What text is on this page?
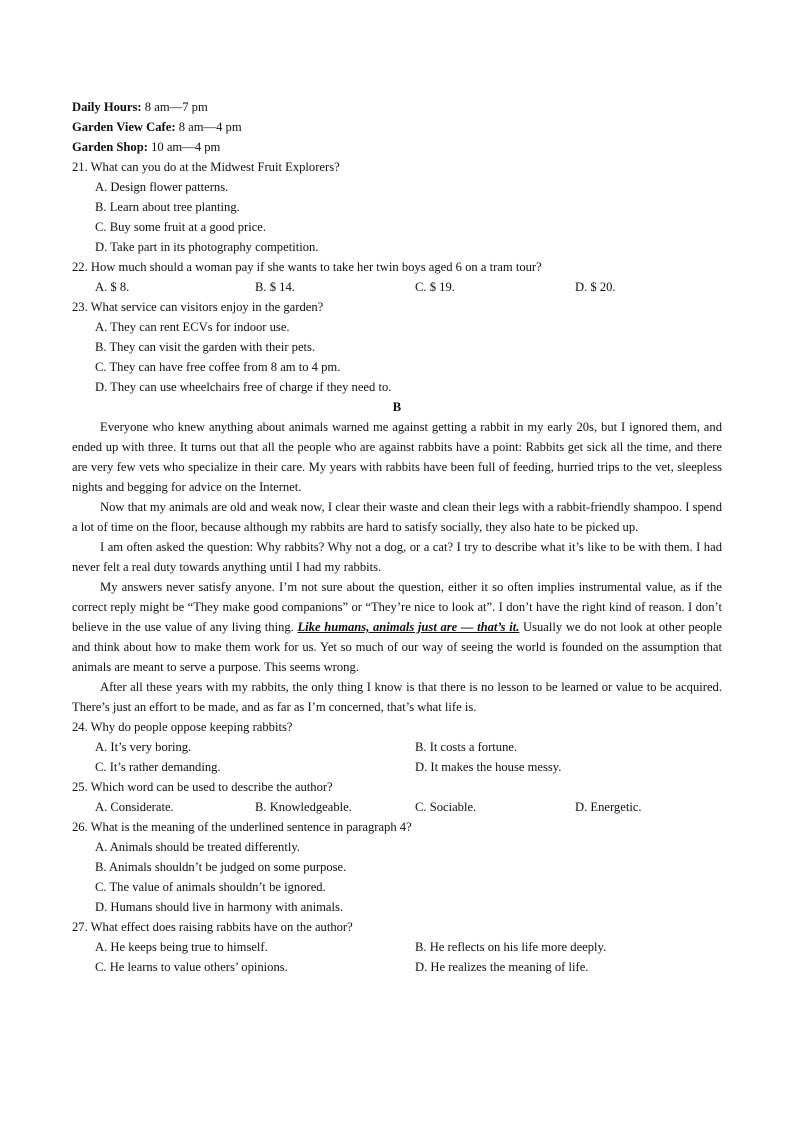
Daily Hours: 8 am—7 pm
Garden View Cafe: 8 am—4 pm
Garden Shop: 10 am—4 pm
21. What can you do at the Midwest Fruit Explorers?
A. Design flower patterns.
B. Learn about tree planting.
C. Buy some fruit at a good price.
D. Take part in its photography competition.
22. How much should a woman pay if she wants to take her twin boys aged 6 on a tram tour?
A. $ 8.	B. $ 14.	C. $ 19.	D. $ 20.
23. What service can visitors enjoy in the garden?
A. They can rent ECVs for indoor use.
B. They can visit the garden with their pets.
C. They can have free coffee from 8 am to 4 pm.
D. They can use wheelchairs free of charge if they need to.
B

Everyone who knew anything about animals warned me against getting a rabbit in my early 20s, but I ignored them, and ended up with three. It turns out that all the people who are against rabbits have a point: Rabbits get sick all the time, and there are very few vets who specialize in their care. My years with rabbits have been full of feeding, hurried trips to the vet, sleepless nights and begging for advice on the Internet.

Now that my animals are old and weak now, I clear their waste and clean their legs with a rabbit-friendly shampoo. I spend a lot of time on the floor, because although my rabbits are hard to satisfy socially, they also hate to be picked up.

I am often asked the question: Why rabbits? Why not a dog, or a cat? I try to describe what it’s like to be with them. I had never felt a real duty towards anything until I had my rabbits.

My answers never satisfy anyone. I’m not sure about the question, either it so often implies instrumental value, as if the correct reply might be “They make good companions” or “They’re nice to look at”. I don’t have the right kind of reason. I don’t believe in the use value of any living thing. Like humans, animals just are — that’s it. Usually we do not look at other people and think about how to make them work for us. Yet so much of our way of seeing the world is founded on the assumption that animals are meant to serve a purpose. This seems wrong.

After all these years with my rabbits, the only thing I know is that there is no lesson to be learned or value to be acquired. There’s just an effort to be made, and as far as I’m concerned, that’s what life is.

24. Why do people oppose keeping rabbits?
A. It’s very boring.	B. It costs a fortune.
C. It’s rather demanding.	D. It makes the house messy.
25. Which word can be used to describe the author?
A. Considerate.	B. Knowledgeable.	C. Sociable.	D. Energetic.
26. What is the meaning of the underlined sentence in paragraph 4?
A. Animals should be treated differently.
B. Animals shouldn’t be judged on some purpose.
C. The value of animals shouldn’t be ignored.
D. Humans should live in harmony with animals.
27. What effect does raising rabbits have on the author?
A. He keeps being true to himself.	B. He reflects on his life more deeply.
C. He learns to value others’ opinions.	D. He realizes the meaning of life.
